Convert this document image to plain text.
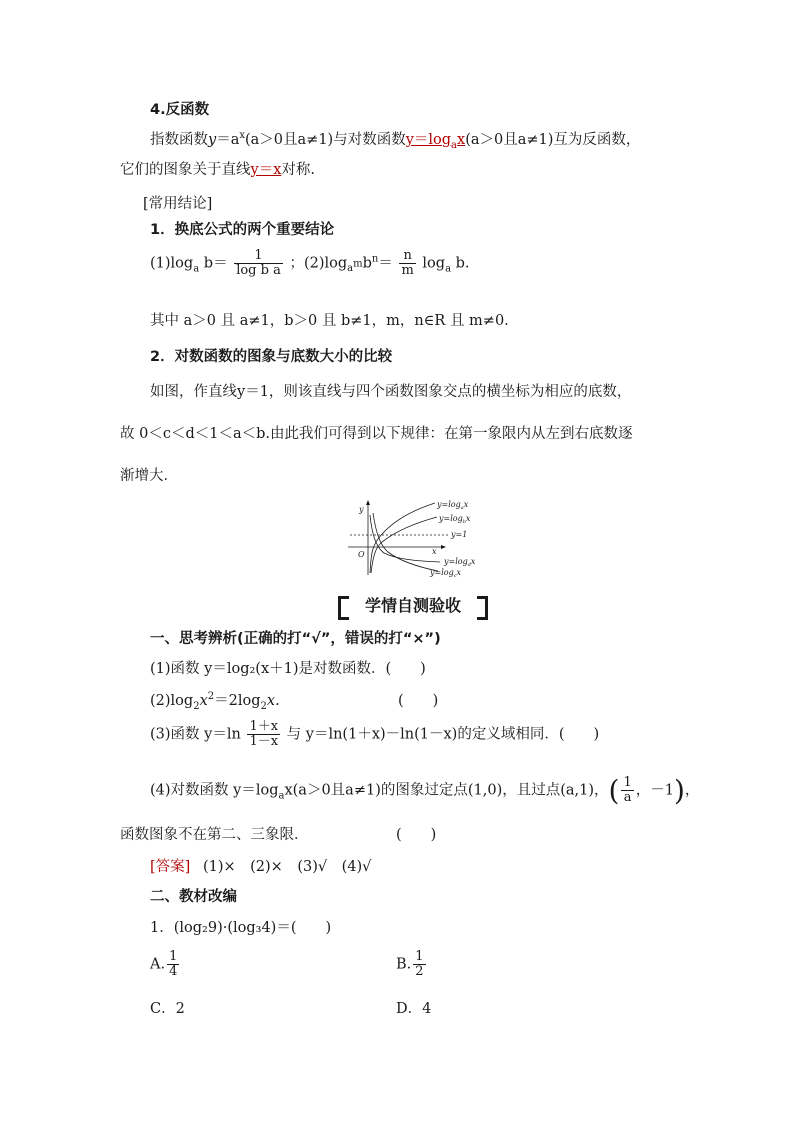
4.反函数
指数函数$y=a^x(a>0$且a≠1)与对数函数$y=\log_ax(a>0$且a≠1)互为反函数，
它们的图象关于直线y＝x对称.
[常用结论]
1．换底公式的两个重要结论
$(1)\log_a$ $b= \frac{1}{\text{log b a}}$ ；$(2)\log_{a^m}b^n= \frac{n}{m} \log_a b$.
其中 a＞0 且 a≠1，b＞0 且 b≠1，m，n∈R 且 m≠0.
2．对数函数的图象与底数大小的比较
如图，作直线y＝1，则该直线与四个函数图象交点的横坐标为相应的底数，
故 0＜c＜d＜1＜a＜b.由此我们可得到以下规律：在第一象限内从左到右底数逐
渐增大．
y
x
O
y=1
$y=\log_ax$
$y=\log_bx$
$y=\log_dx$
$y=\log_cx$
学情自测验收
一、思考辨析(正确的打“√”，错误的打“×”)
(1)函数 y＝log₂(x＋1)是对数函数．(　　)
$(2)\log_2x^2=2\log_2x$.	(　　)
(3)函数 $y=\ln \frac{1+x}{1-x}$ 与 y＝ln(1＋x)－ln(1－x)的定义域相同．(　　)
(4)对数函数 $y=\log_ax(a>0$且a≠1)的图象过定点(1,0)，且过点(a,1)，( $\frac{1}{a}$ ，－1)，
函数图象不在第二、三象限．	(　　)
[答案] (1)×　(2)×　(3)√　(4)√
二、教材改编
1．(log₂9)·(log₃4)＝(　　)
A. $\frac{1}{4}$	B. $\frac{1}{2}$
C．2	D．4
